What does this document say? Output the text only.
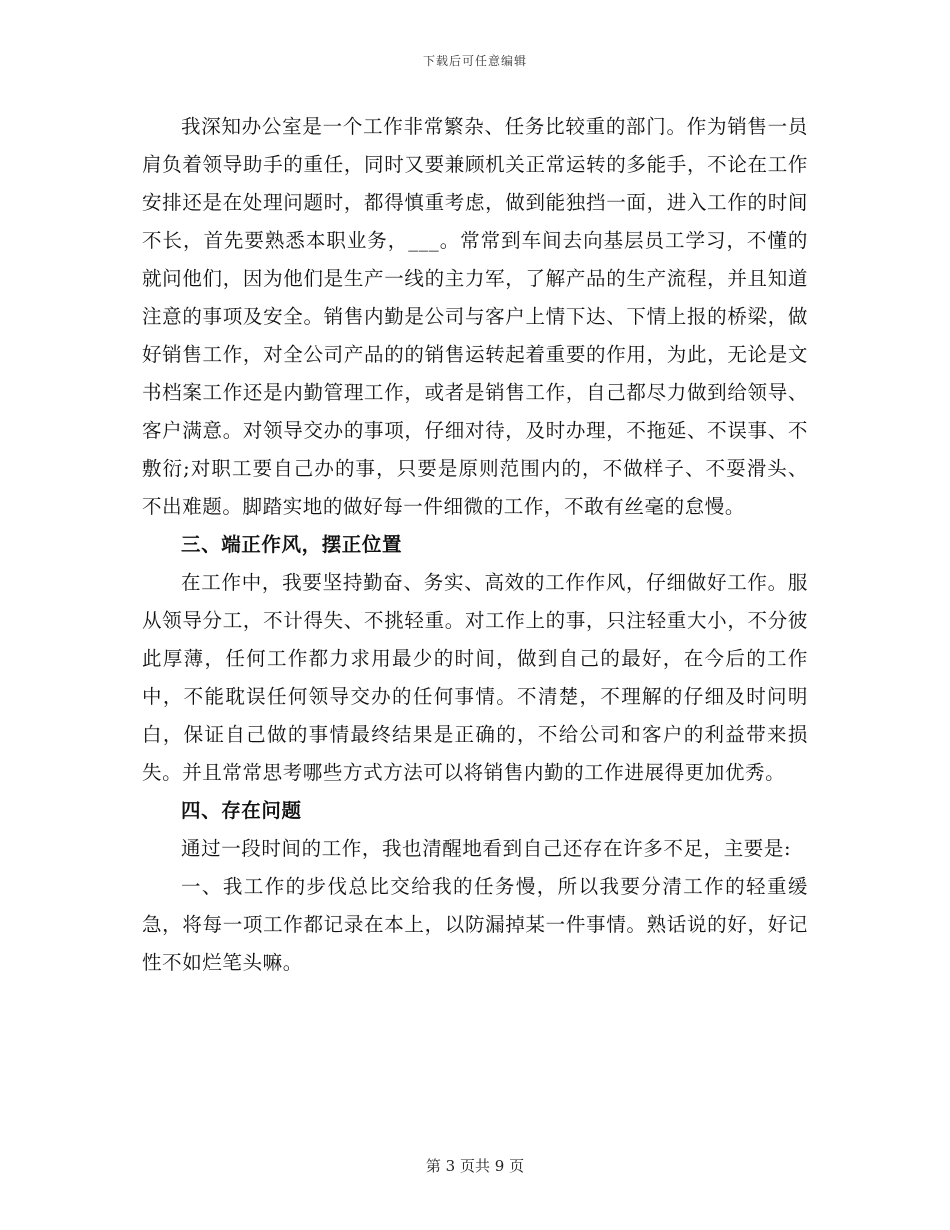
下载后可任意编辑

我深知办公室是一个工作非常繁杂、任务比较重的部门。作为销售一员肩负着领导助手的重任，同时又要兼顾机关正常运转的多能手，不论在工作安排还是在处理问题时，都得慎重考虑，做到能独挡一面，进入工作的时间不长，首先要熟悉本职业务，___。常常到车间去向基层员工学习，不懂的就问他们，因为他们是生产一线的主力军，了解产品的生产流程，并且知道注意的事项及安全。销售内勤是公司与客户上情下达、下情上报的桥梁，做好销售工作，对全公司产品的的销售运转起着重要的作用，为此，无论是文书档案工作还是内勤管理工作，或者是销售工作，自己都尽力做到给领导、客户满意。对领导交办的事项，仔细对待，及时办理，不拖延、不误事、不敷衍;对职工要自己办的事，只要是原则范围内的，不做样子、不耍滑头、不出难题。脚踏实地的做好每一件细微的工作，不敢有丝毫的怠慢。

三、端正作风，摆正位置

在工作中，我要坚持勤奋、务实、高效的工作作风，仔细做好工作。服从领导分工，不计得失、不挑轻重。对工作上的事，只注轻重大小，不分彼此厚薄，任何工作都力求用最少的时间，做到自己的最好，在今后的工作中，不能耽误任何领导交办的任何事情。不清楚，不理解的仔细及时问明白，保证自己做的事情最终结果是正确的，不给公司和客户的利益带来损失。并且常常思考哪些方式方法可以将销售内勤的工作进展得更加优秀。

四、存在问题

通过一段时间的工作，我也清醒地看到自己还存在许多不足，主要是:

一、我工作的步伐总比交给我的任务慢，所以我要分清工作的轻重缓急，将每一项工作都记录在本上，以防漏掉某一件事情。熟话说的好，好记性不如烂笔头嘛。

第 3 页共 9 页
